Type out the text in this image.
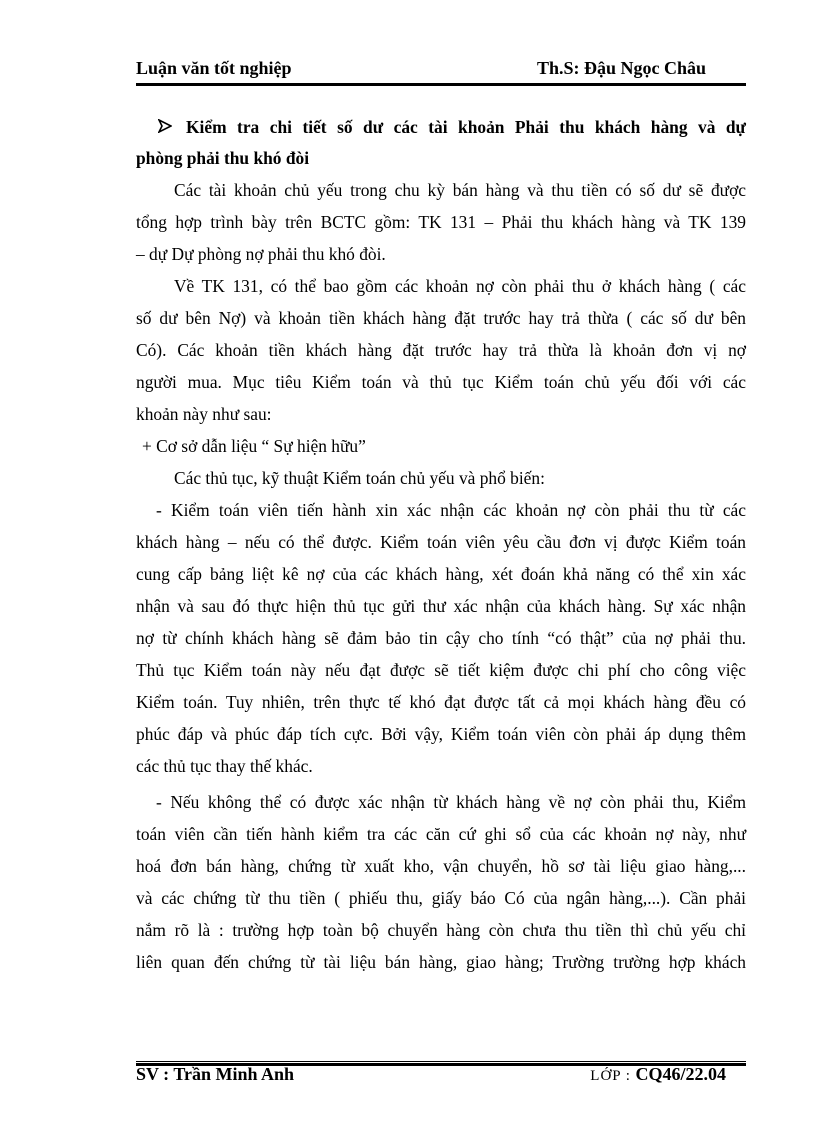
Luận văn tốt nghiệp	Th.S: Đậu Ngọc Châu
Kiểm tra chi tiết số dư các tài khoản Phải thu khách hàng và dự
phòng phải thu khó đòi
Các tài khoản chủ yếu trong chu kỳ bán hàng và thu tiền có số dư sẽ được
tổng hợp trình bày trên BCTC gồm: TK 131 – Phải thu khách hàng và TK 139
– dự Dự phòng nợ phải thu khó đòi.
Về TK 131, có thể bao gồm các khoản nợ còn phải thu ở khách hàng ( các
số dư bên Nợ) và khoản tiền khách hàng đặt trước hay trả thừa ( các số dư bên
Có). Các khoản tiền khách hàng đặt trước hay trả thừa là khoản đơn vị nợ
người mua. Mục tiêu Kiểm toán và thủ tục Kiểm toán chủ yếu đối với các
khoản này như sau:
+ Cơ sở dẫn liệu “ Sự hiện hữu”
Các thủ tục, kỹ thuật Kiểm toán chủ yếu và phổ biến:
- Kiểm toán viên tiến hành xin xác nhận các khoản nợ còn phải thu từ các
khách hàng – nếu có thể được. Kiểm toán viên yêu cầu đơn vị được Kiểm toán
cung cấp bảng liệt kê nợ của các khách hàng, xét đoán khả năng có thể xin xác
nhận và sau đó thực hiện thủ tục gửi thư xác nhận của khách hàng. Sự xác nhận
nợ từ chính khách hàng sẽ đảm bảo tin cậy cho tính “có thật” của nợ phải thu.
Thủ tục Kiểm toán này nếu đạt được sẽ tiết kiệm được chi phí cho công việc
Kiểm toán. Tuy nhiên, trên thực tế khó đạt được tất cả mọi khách hàng đều có
phúc đáp và phúc đáp tích cực. Bởi vậy, Kiểm toán viên còn phải áp dụng thêm
các thủ tục thay thế khác.
- Nếu không thể có được xác nhận từ khách hàng về nợ còn phải thu, Kiểm
toán viên cần tiến hành kiểm tra các căn cứ ghi sổ của các khoản nợ này, như
hoá đơn bán hàng, chứng từ xuất kho, vận chuyển, hồ sơ tài liệu giao hàng,...
và các chứng từ thu tiền ( phiếu thu, giấy báo Có của ngân hàng,...). Cần phải
nắm rõ là : trường hợp toàn bộ chuyển hàng còn chưa thu tiền thì chủ yếu chỉ
liên quan đến chứng từ tài liệu bán hàng, giao hàng; Trường trường hợp khách
SV : Trần Minh Anh	LỚP : CQ46/22.04
